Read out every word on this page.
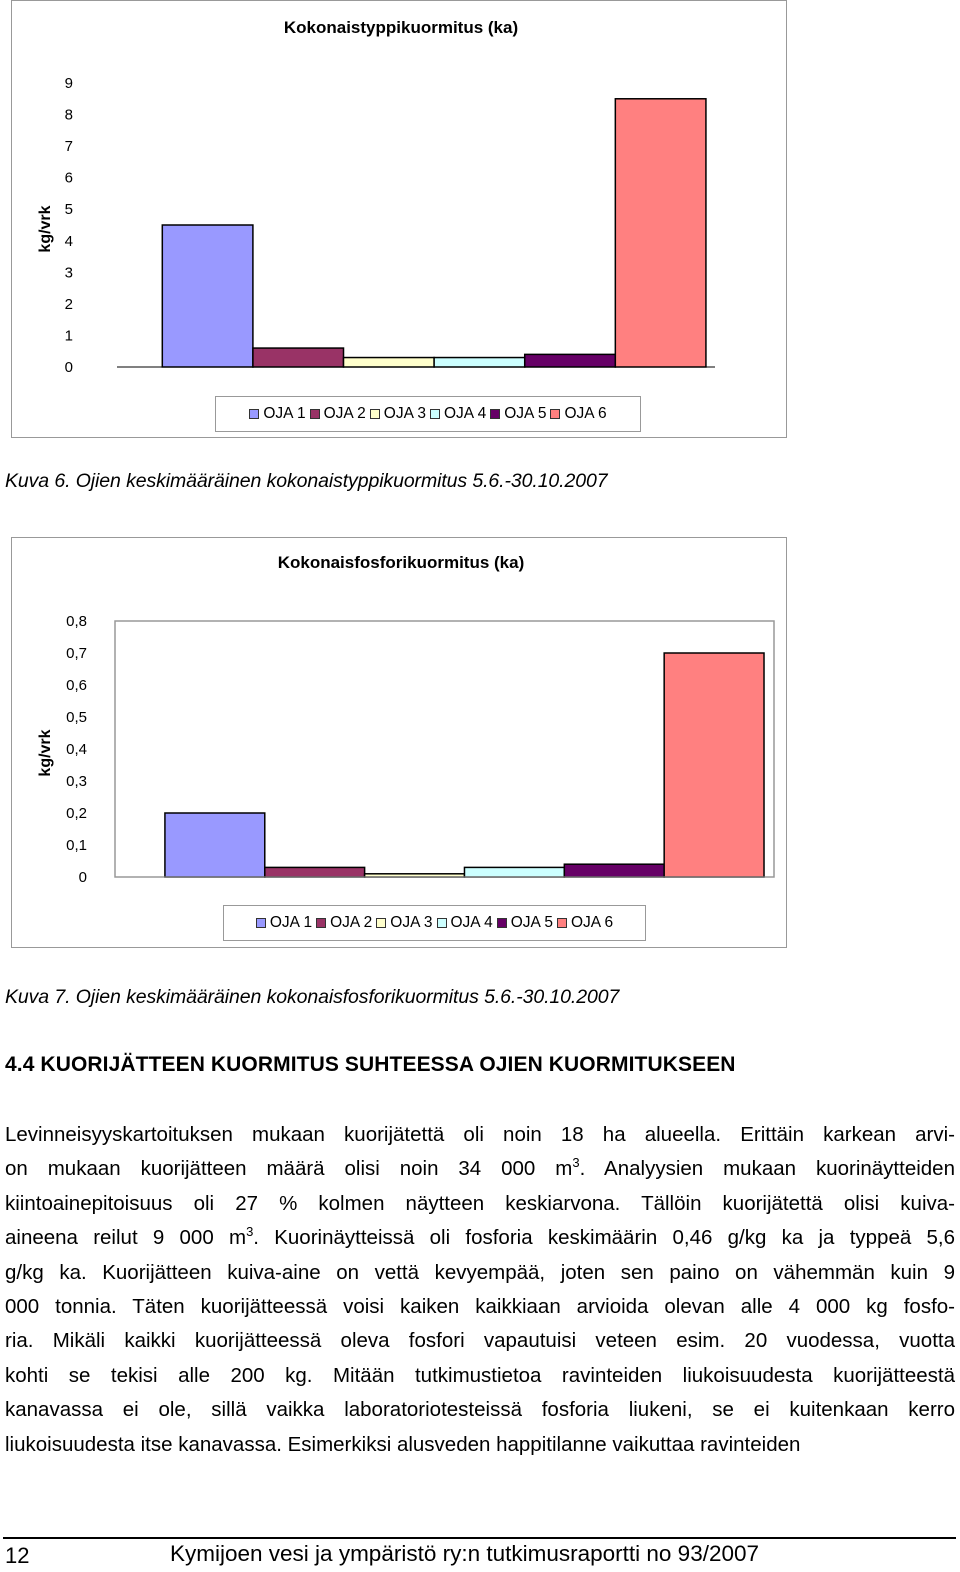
Kokonaistyppikuormitus (ka)
kg/vrk
0
1
2
3
4
5
6
7
8
9
OJA 1 OJA 2 OJA 3 OJA 4 OJA 5 OJA 6
Kuva 6. Ojien keskimääräinen kokonaistyppikuormitus 5.6.-30.10.2007
Kokonaisfosforikuormitus (ka)
kg/vrk
0
0,1
0,2
0,3
0,4
0,5
0,6
0,7
0,8
OJA 1 OJA 2 OJA 3 OJA 4 OJA 5 OJA 6
Kuva 7. Ojien keskimääräinen kokonaisfosforikuormitus 5.6.-30.10.2007
4.4 KUORIJÄTTEEN KUORMITUS SUHTEESSA OJIEN KUORMITUKSEEN
Levinneisyyskartoituksen mukaan kuorijätettä oli noin 18 ha alueella. Erittäin karkean arvi-
on mukaan kuorijätteen määrä olisi noin 34 000 $m^3$. Analyysien mukaan kuorinäytteiden
kiintoainepitoisuus oli 27 % kolmen näytteen keskiarvona. Tällöin kuorijätettä olisi kuiva-
aineena reilut 9 000 $m^3$. Kuorinäytteissä oli fosforia keskimäärin 0,46 g/kg ka ja typpeä 5,6
g/kg ka. Kuorijätteen kuiva-aine on vettä kevyempää, joten sen paino on vähemmän kuin 9
000 tonnia. Täten kuorijätteessä voisi kaiken kaikkiaan arvioida olevan alle 4 000 kg fosfo-
ria. Mikäli kaikki kuorijätteessä oleva fosfori vapautuisi veteen esim. 20 vuodessa, vuotta
kohti se tekisi alle 200 kg. Mitään tutkimustietoa ravinteiden liukoisuudesta kuorijätteestä
kanavassa ei ole, sillä vaikka laboratoriotesteissä fosforia liukeni, se ei kuitenkaan kerro
liukoisuudesta itse kanavassa. Esimerkiksi alusveden happitilanne vaikuttaa ravinteiden
12	Kymijoen vesi ja ympäristö ry:n tutkimusraportti no 93/2007
